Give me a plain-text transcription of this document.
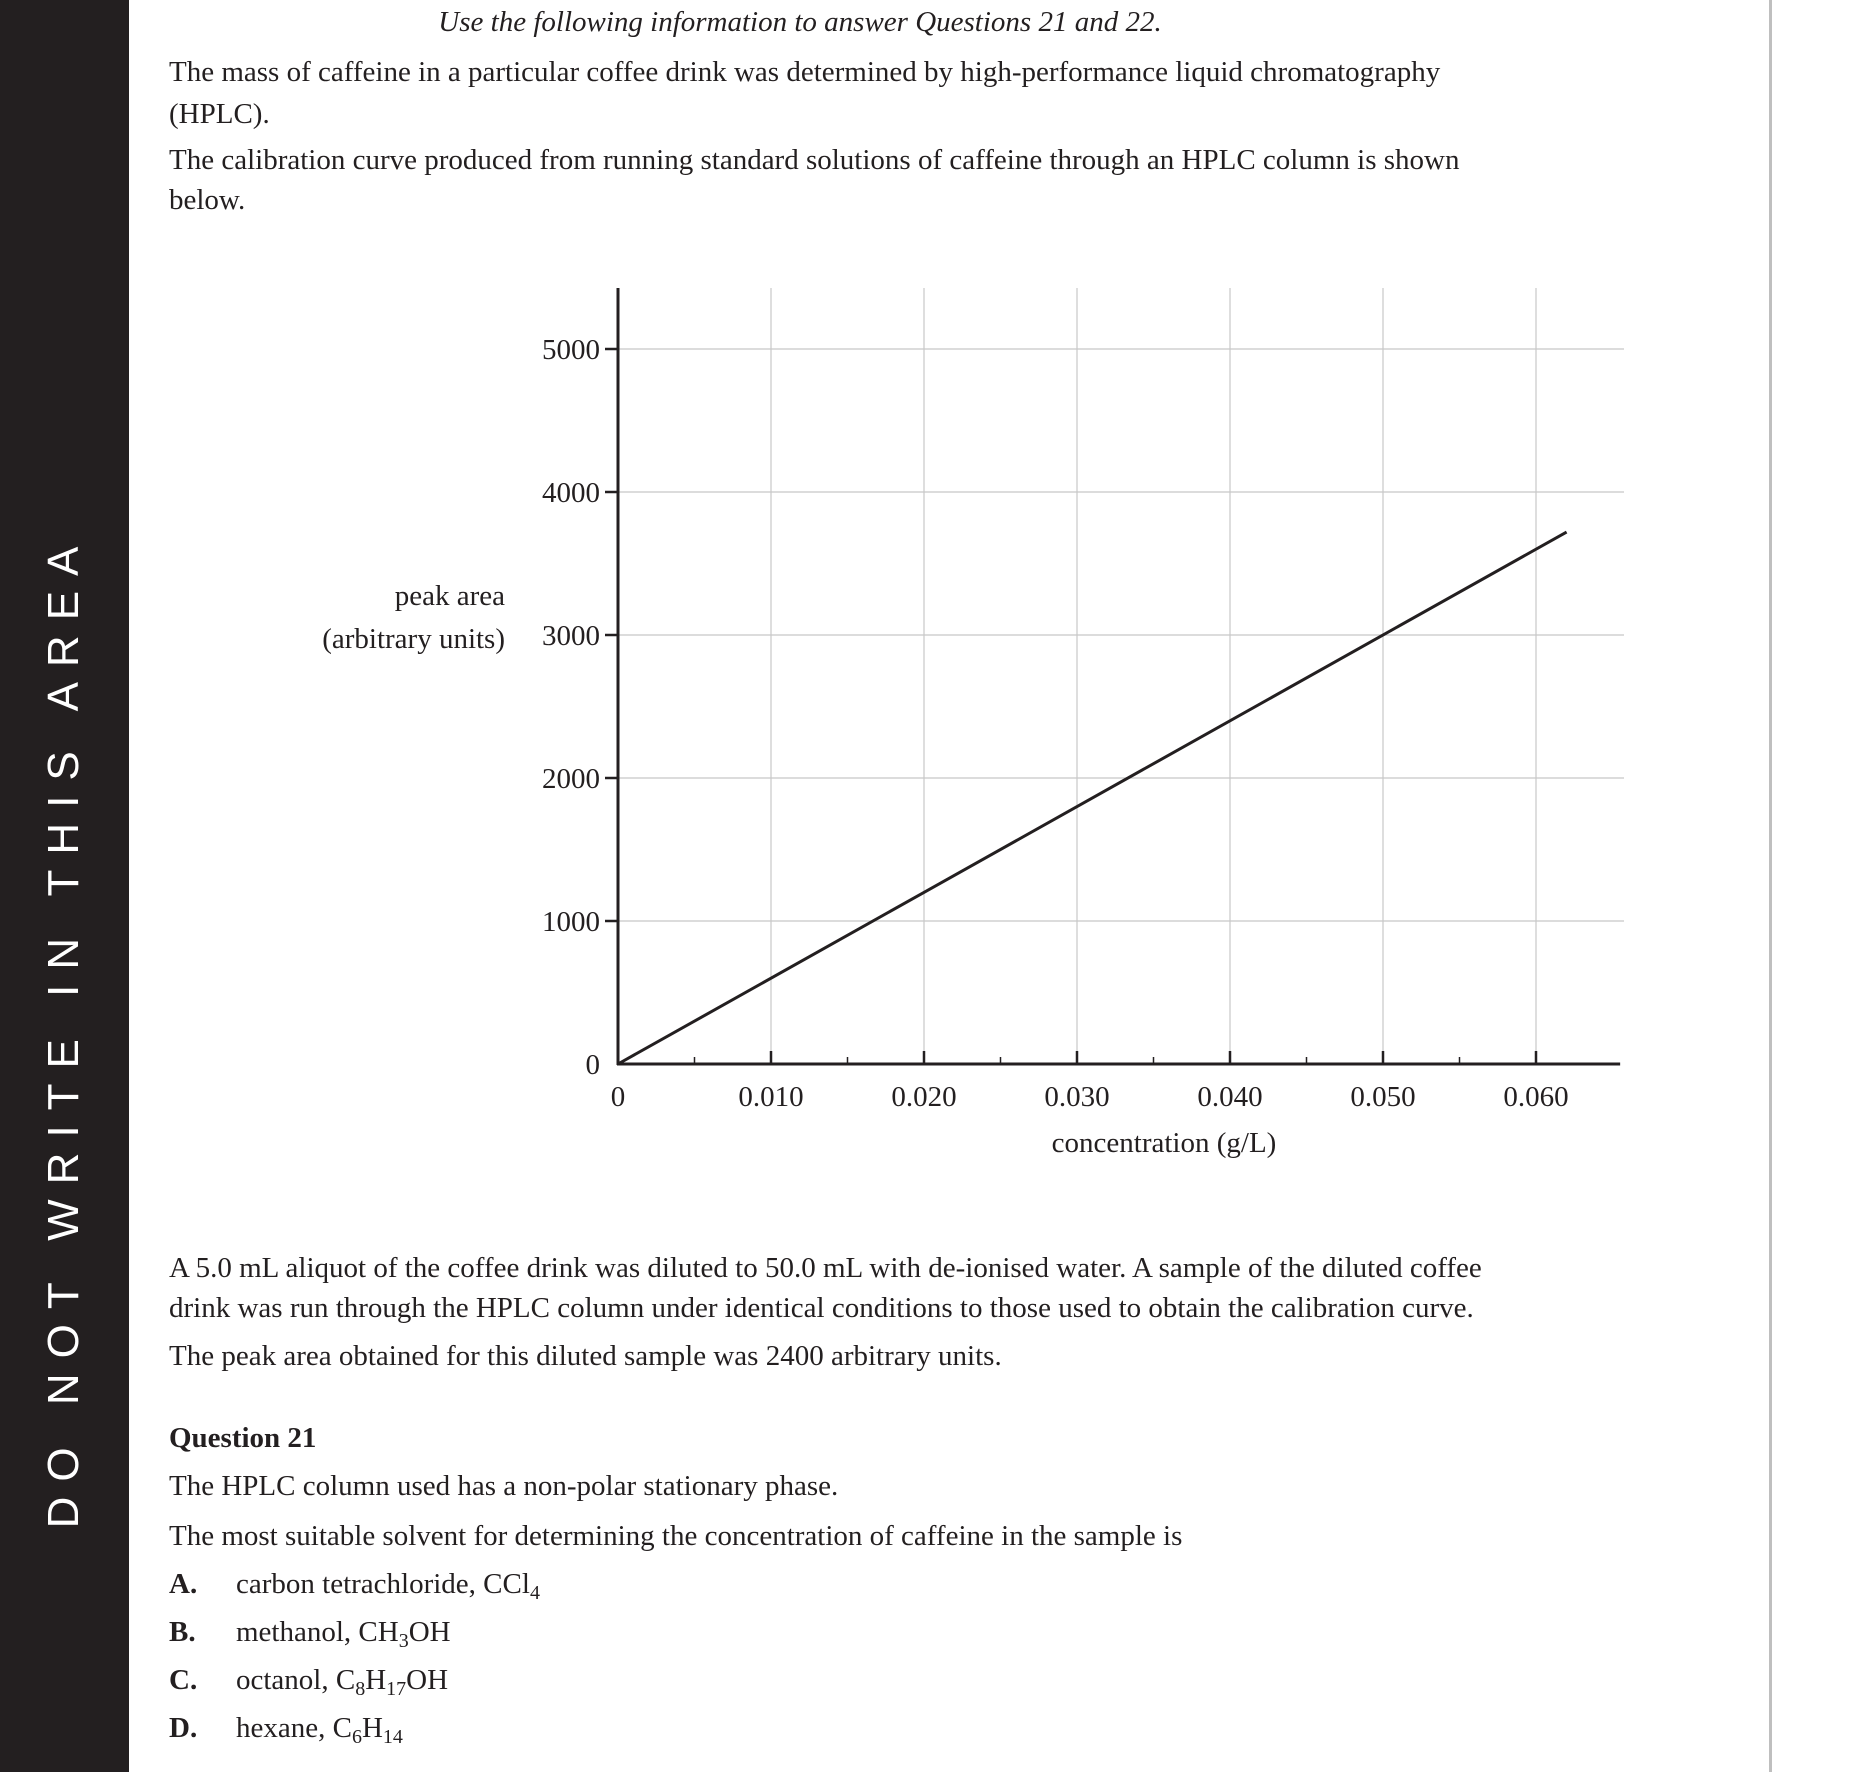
DO NOT WRITE IN THIS AREA
Use the following information to answer Questions 21 and 22.
The mass of caffeine in a particular coffee drink was determined by high-performance liquid chromatography
(HPLC).
The calibration curve produced from running standard solutions of caffeine through an HPLC column is shown
below.
0
1000
2000
3000
4000
5000
0	0.010	0.020	0.030	0.040	0.050	0.060
peak area
(arbitrary units)
concentration (g/L)
A 5.0 mL aliquot of the coffee drink was diluted to 50.0 mL with de-ionised water. A sample of the diluted coffee
drink was run through the HPLC column under identical conditions to those used to obtain the calibration curve.
The peak area obtained for this diluted sample was 2400 arbitrary units.
Question 21
The HPLC column used has a non-polar stationary phase.
The most suitable solvent for determining the concentration of caffeine in the sample is
A. carbon tetrachloride, CCl$_4$
B. methanol, $CH_3OH$
C. octanol, $C_8H_{17}OH$
D. hexane, $C_6H_{14}$
